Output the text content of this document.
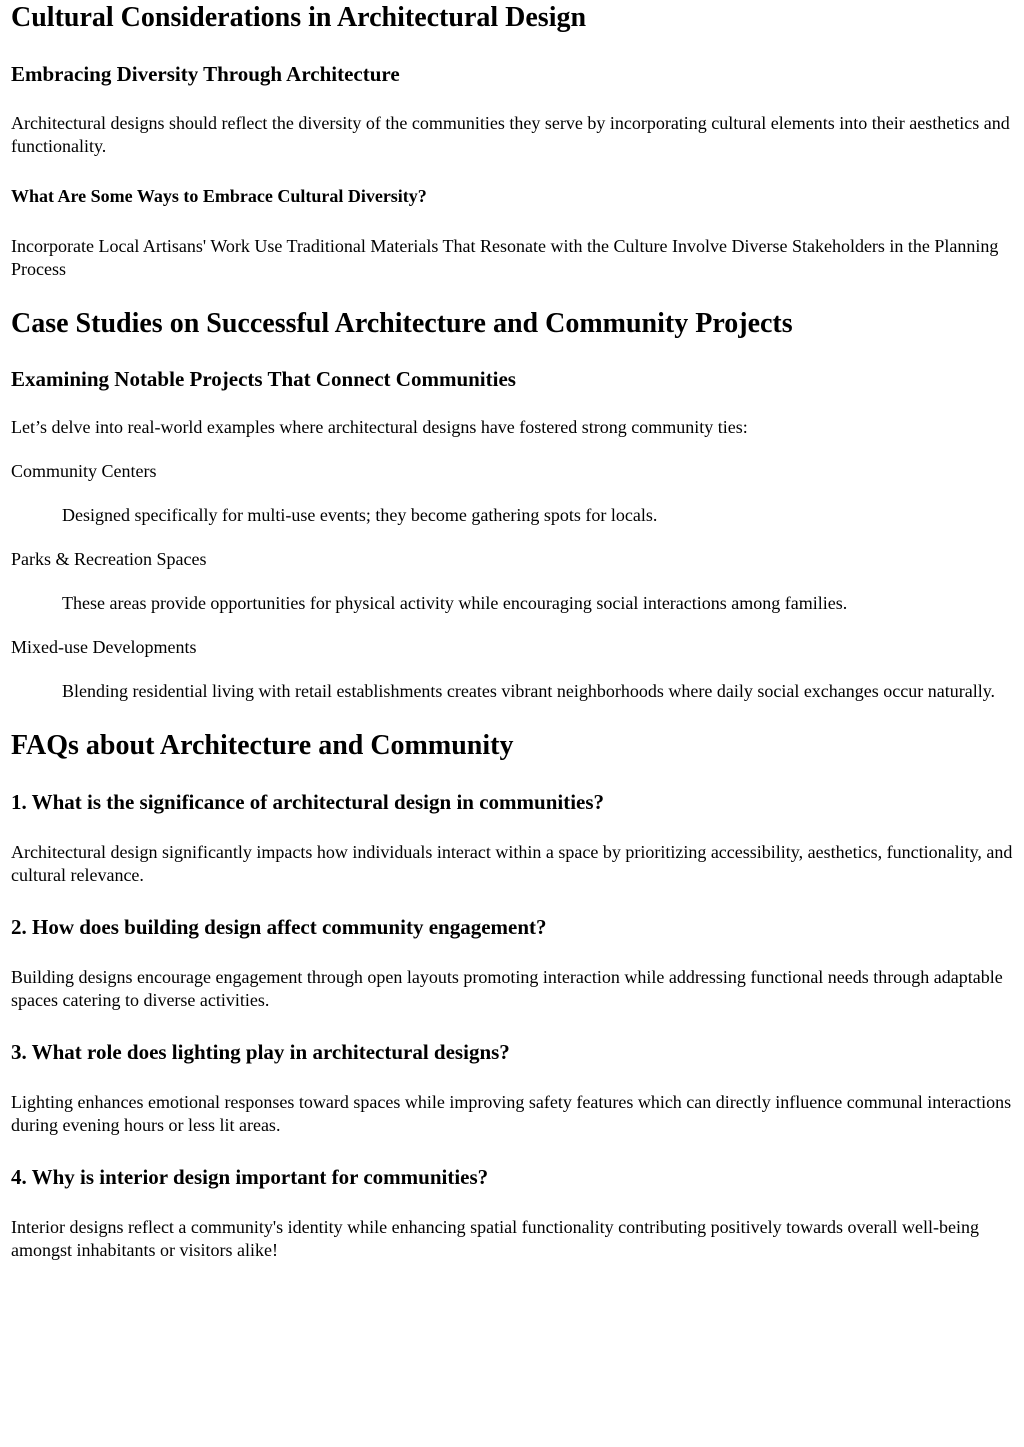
Cultural Considerations in Architectural Design
Embracing Diversity Through Architecture

Architectural designs should reflect the diversity of the communities they serve by incorporating cultural elements into their aesthetics and functionality.

What Are Some Ways to Embrace Cultural Diversity?

Incorporate Local Artisans' Work Use Traditional Materials That Resonate with the Culture Involve Diverse Stakeholders in the Planning Process

Case Studies on Successful Architecture and Community Projects
Examining Notable Projects That Connect Communities

Let’s delve into real-world examples where architectural designs have fostered strong community ties:

Community Centers
Designed specifically for multi-use events; they become gathering spots for locals.
Parks & Recreation Spaces
These areas provide opportunities for physical activity while encouraging social interactions among families.
Mixed-use Developments
Blending residential living with retail establishments creates vibrant neighborhoods where daily social exchanges occur naturally.
FAQs about Architecture and Community
1. What is the significance of architectural design in communities?

Architectural design significantly impacts how individuals interact within a space by prioritizing accessibility, aesthetics, functionality, and cultural relevance.

2. How does building design affect community engagement?

Building designs encourage engagement through open layouts promoting interaction while addressing functional needs through adaptable spaces catering to diverse activities.

3. What role does lighting play in architectural designs?

Lighting enhances emotional responses toward spaces while improving safety features which can directly influence communal interactions during evening hours or less lit areas.

4. Why is interior design important for communities?

Interior designs reflect a community's identity while enhancing spatial functionality contributing positively towards overall well-being amongst inhabitants or visitors alike!
